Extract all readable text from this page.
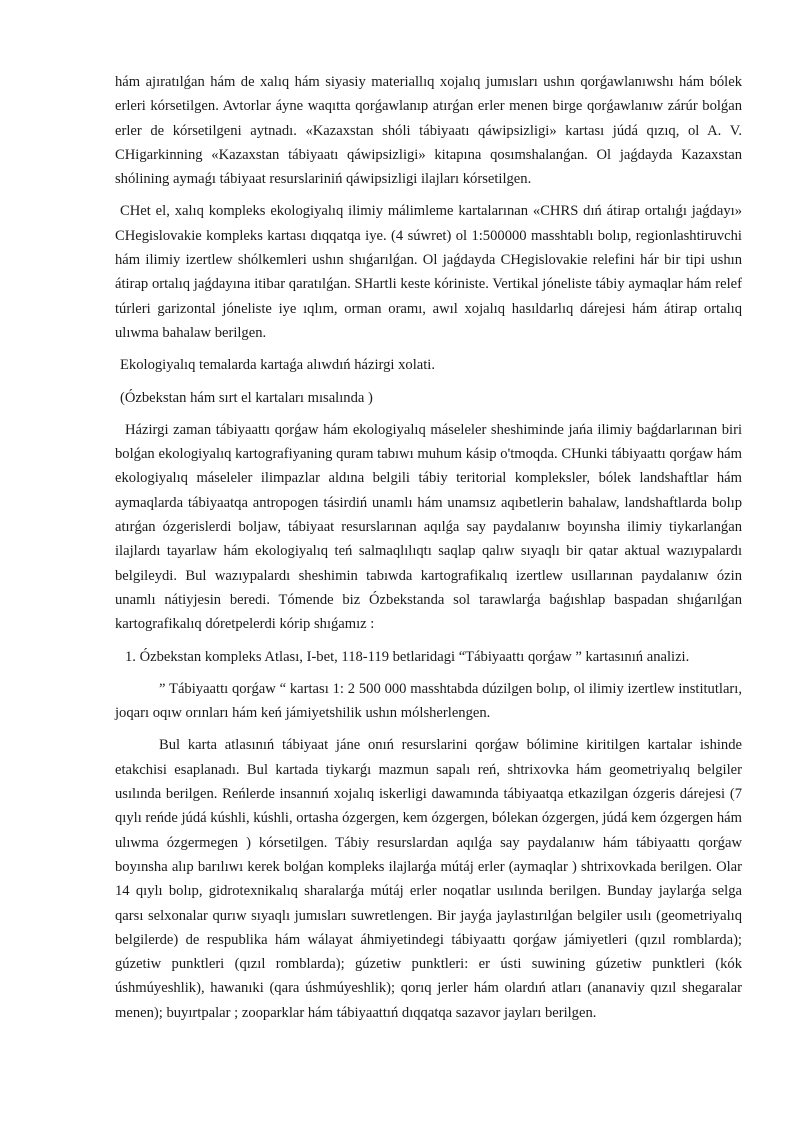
hám ajıratılǵan hám de xalıq hám siyasiy materiallıq xojalıq jumısları ushın qorǵawlanıwshı hám bólek erleri kórsetilgen. Avtorlar áyne waqıtta qorǵawlanıp atırǵan erler menen birge qorǵawlanıw zárúr bolǵan erler de kórsetilgeni aytnadı. «Kazaxstan shóli tábiyaatı qáwipsizligi» kartası júdá qızıq, ol A. V. CHigarkinning «Kazaxstan tábiyaatı qáwipsizligi» kitapına qosımshalanǵan. Ol jaǵdayda Kazaxstan shólining aymaǵı tábiyaat resurslariniń qáwipsizligi ilajları kórsetilgen.

CHet el, xalıq kompleks ekologiyalıq ilimiy málimleme kartalarınan «CHRS dıń átirap ortalıǵı jaǵdayı» CHegislovakie kompleks kartası dıqqatqa iye. (4 súwret) ol 1:500000 masshtablı bolıp, regionlashtiruvchi hám ilimiy izertlew shólkemleri ushın shıǵarılǵan. Ol jaǵdayda CHegislovakie relefini hár bir tipi ushın átirap ortalıq jaǵdayına itibar qaratılǵan. SHartli keste kóriniste. Vertikal jóneliste tábiy aymaqlar hám relef túrleri garizontal jóneliste iye ıqlım, orman oramı, awıl xojalıq hasıldarlıq dárejesi hám átirap ortalıq ulıwma bahalaw berilgen.

Ekologiyalıq temalarda kartaǵa alıwdıń házirgi xolati.

(Ózbekstan hám sırt el kartaları mısalında )

Házirgi zaman tábiyaattı qorǵaw hám ekologiyalıq máseleler sheshiminde jańa ilimiy baǵdarlarınan biri bolǵan ekologiyalıq kartografiyaning quram tabıwı muhum kásip o'tmoqda. CHunki tábiyaattı qorǵaw hám ekologiyalıq máseleler ilimpazlar aldına belgili tábiy teritorial kompleksler, bólek landshaftlar hám aymaqlarda tábiyaatqa antropogen tásirdiń unamlı hám unamsız aqıbetlerin bahalaw, landshaftlarda bolıp atırǵan ózgerislerdi boljaw, tábiyaat resurslarınan aqılǵa say paydalanıw boyınsha ilimiy tiykarlanǵan ilajlardı tayarlaw hám ekologiyalıq teń salmaqlılıqtı saqlap qalıw sıyaqlı bir qatar aktual wazıypalardı belgileydi. Bul wazıypalardı sheshimin tabıwda kartografikalıq izertlew usıllarınan paydalanıw ózin unamlı nátiyjesin beredi. Tómende biz Ózbekstanda sol tarawlarǵa baǵıshlap baspadan shıǵarılǵan kartografikalıq dóretpelerdi kórip shıǵamız :

1. Ózbekstan kompleks Atlası, I-bet, 118-119 betlaridagi “Tábiyaattı qorǵaw ” kartasınıń analizi.

” Tábiyaattı qorǵaw “ kartası 1: 2 500 000 masshtabda dúzilgen bolıp, ol ilimiy izertlew institutları, joqarı oqıw orınları hám keń jámiyetshilik ushın mólsherlengen.

Bul karta atlasınıń tábiyaat jáne onıń resurslarini qorǵaw bólimine kiritilgen kartalar ishinde etakchisi esaplanadı. Bul kartada tiykarǵı mazmun sapalı reń, shtrixovka hám geometriyalıq belgiler usılında berilgen. Reńlerde insannıń xojalıq iskerligi dawamında tábiyaatqa etkazilgan ózgeris dárejesi (7 qıylı reńde júdá kúshli, kúshli, ortasha ózgergen, kem ózgergen, bólekan ózgergen, júdá kem ózgergen hám ulıwma ózgermegen ) kórsetilgen. Tábiy resurslardan aqılǵa say paydalanıw hám tábiyaattı qorǵaw boyınsha alıp barılıwı kerek bolǵan kompleks ilajlarǵa mútáj erler (aymaqlar ) shtrixovkada berilgen. Olar 14 qıylı bolıp, gidrotexnikalıq sharalarǵa mútáj erler noqatlar usılında berilgen. Bunday jaylarǵa selga qarsı selxonalar qurıw sıyaqlı jumısları suwretlengen. Bir jayǵa jaylastırılǵan belgiler usılı (geometriyalıq belgilerde) de respublika hám wálayat áhmiyetindegi tábiyaattı qorǵaw jámiyetleri (qızıl romblarda); gúzetiw punktleri (qızıl romblarda); gúzetiw punktleri: er ústi suwining gúzetiw punktleri (kók úshmúyeshlik), hawanıki (qara úshmúyeshlik); qorıq jerler hám olardıń atları (ananaviy qızıl shegaralar menen); buyırtpalar ; zooparklar hám tábiyaattıń dıqqatqa sazavor jayları berilgen.
